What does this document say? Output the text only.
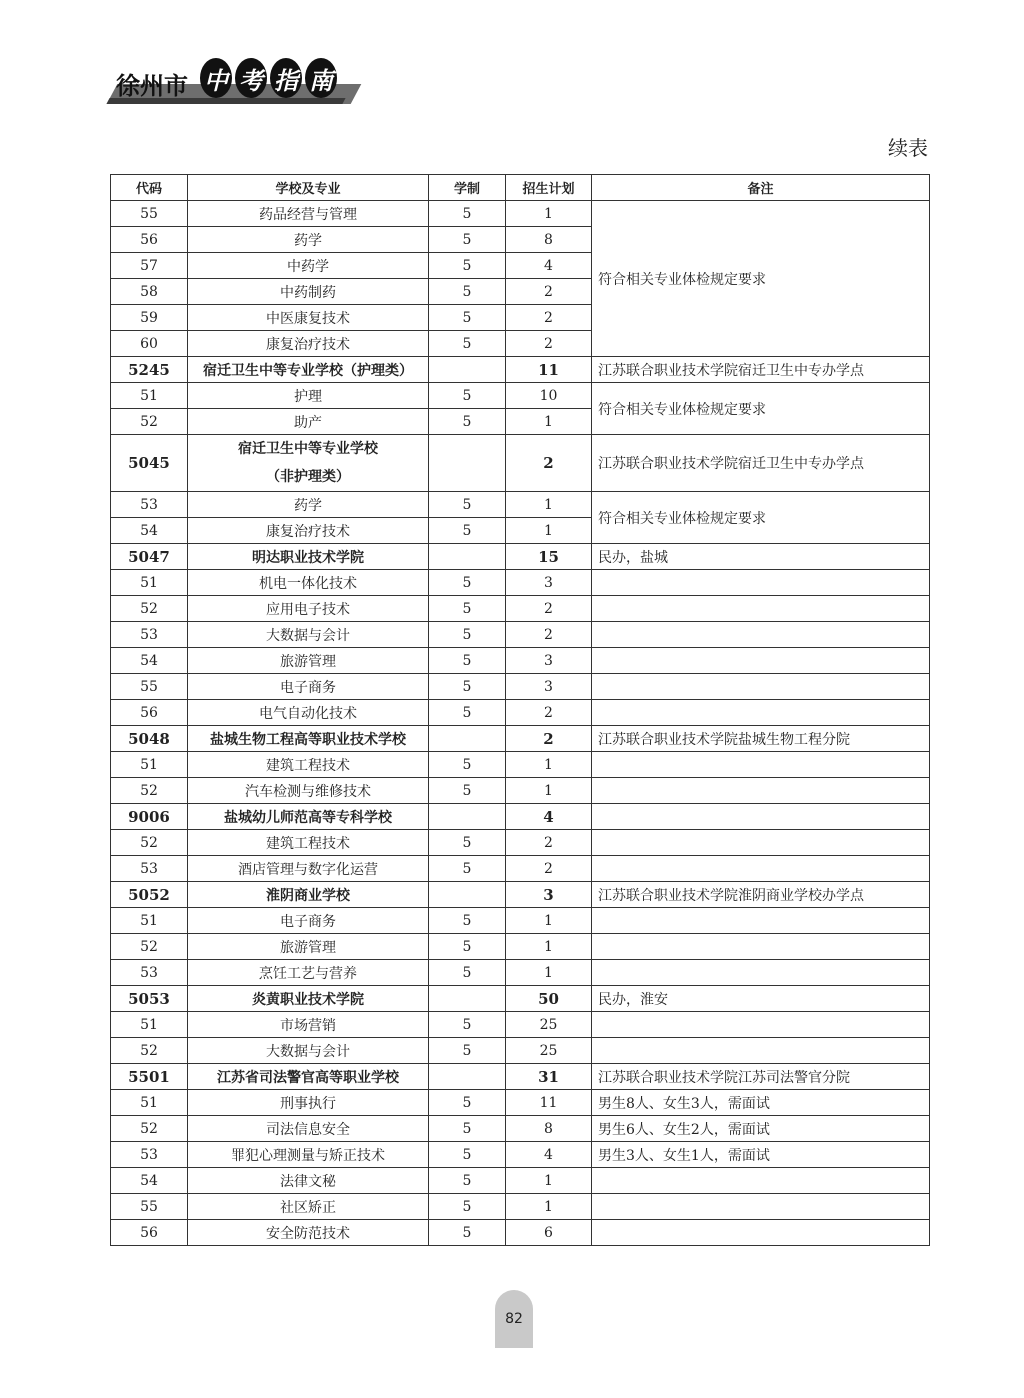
徐州市 中 考 指 南
续表
代码	学校及专业	学制	招生计划	备注
55	药品经营与管理	5	1	符合相关专业体检规定要求
56	药学	5	8	
57	中药学	5	4	
58	中药制药	5	2	
59	中医康复技术	5	2	
60	康复治疗技术	5	2	
5245	宿迁卫生中等专业学校（护理类）		11	江苏联合职业技术学院宿迁卫生中专办学点
51	护理	5	10	符合相关专业体检规定要求
52	助产	5	1	
5045	宿迁卫生中等专业学校
（非护理类）		2	江苏联合职业技术学院宿迁卫生中专办学点
53	药学	5	1	符合相关专业体检规定要求
54	康复治疗技术	5	1	
5047	明达职业技术学院		15	民办，盐城
51	机电一体化技术	5	3	
52	应用电子技术	5	2	
53	大数据与会计	5	2	
54	旅游管理	5	3	
55	电子商务	5	3	
56	电气自动化技术	5	2	
5048	盐城生物工程高等职业技术学校		2	江苏联合职业技术学院盐城生物工程分院
51	建筑工程技术	5	1	
52	汽车检测与维修技术	5	1	
9006	盐城幼儿师范高等专科学校		4	
52	建筑工程技术	5	2	
53	酒店管理与数字化运营	5	2	
5052	淮阴商业学校		3	江苏联合职业技术学院淮阴商业学校办学点
51	电子商务	5	1	
52	旅游管理	5	1	
53	烹饪工艺与营养	5	1	
5053	炎黄职业技术学院		50	民办，淮安
51	市场营销	5	25	
52	大数据与会计	5	25	
5501	江苏省司法警官高等职业学校		31	江苏联合职业技术学院江苏司法警官分院
51	刑事执行	5	11	男生8人、女生3人，需面试
52	司法信息安全	5	8	男生6人、女生2人，需面试
53	罪犯心理测量与矫正技术	5	4	男生3人、女生1人，需面试
54	法律文秘	5	1	
55	社区矫正	5	1	
56	安全防范技术	5	6	
82
